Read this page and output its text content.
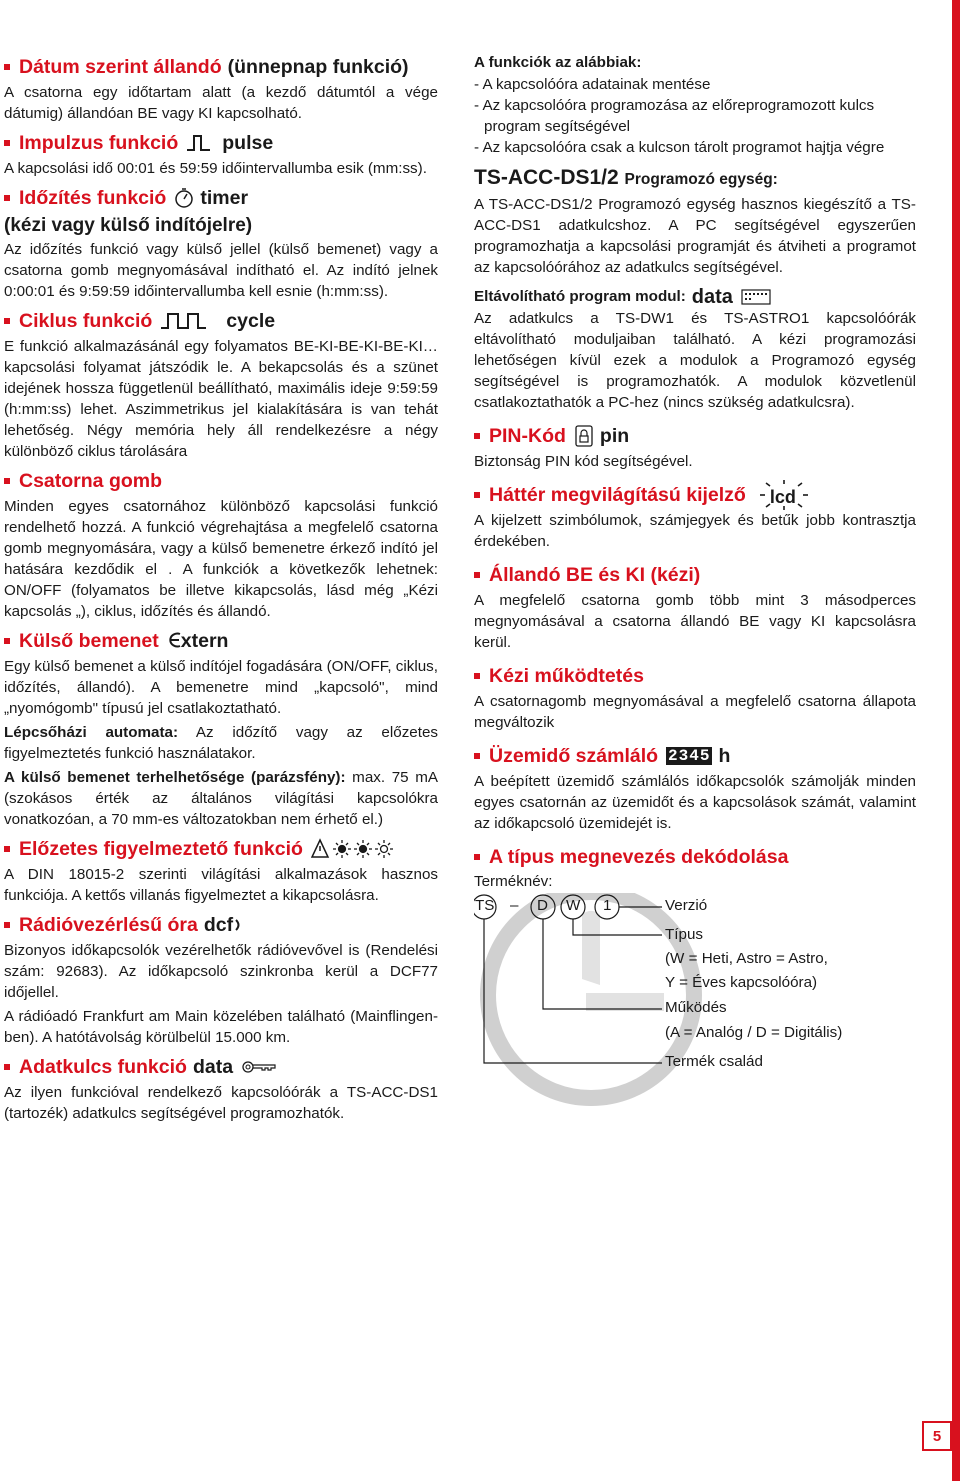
Dátum szerint állandó (ünnepnap funkció)

A csatorna egy időtartam alatt (a kezdő dátumtól a vége dátumig) állandóan BE vagy KI kapcsolható.

Impulzus funkció pulse

A kapcsolási idő 00:01 és 59:59 időintervallumba esik (mm:ss).

Időzítés funkció timer
(kézi vagy külső indítójelre)

Az időzítés funkció vagy külső jellel (külső bemenet) vagy a csatorna gomb megnyomásával indítható el. Az indító jelnek 0:00:01 és 9:59:59 időintervallumba kell esnie (h:mm:ss).

Ciklus funkció	cycle

E funkció alkalmazásánál egy folyamatos BE-KI-BE-KI-BE-KI… kapcsolási folyamat játszódik le. A bekapcsolás és a szünet idejének hossza függetlenül beállítható, maximális ideje 9:59:59 (h:mm:ss) lehet. Aszimmetrikus jel kialakítására is van tehát lehetőség. Négy memória hely áll rendelkezésre a négy különböző ciklus tárolására

Csatorna gomb

Minden egyes csatornához különböző kapcsolási funkció rendelhető hozzá. A funkció végrehajtása a megfelelő csatorna gomb megnyomására, vagy a külső bemenetre érkező indító jel hatására kezdődik el . A funkciók a következők lehetnek: ON/OFF (folyamatos be illetve kikapcsolás, lásd még „Kézi kapcsolás „), ciklus, időzítés és állandó.

Külső bemenet	xtern

Egy külső bemenet a külső indítójel fogadására (ON/OFF, ciklus, időzítés, állandó). A bemenetre mind „kapcsoló", mind „nyomógomb" típusú jel csatlakoztatható.

Lépcsőházi automata: Az időzítő vagy az előzetes figyelmeztetés funkció használatakor.

A külső bemenet terhelhetősége (parázsfény): max. 75 mA (szokásos érték az általános világítási kapcsolókra vonatkozóan, a 70 mm-es változatokban nem érhető el.)

Előzetes figyelmeztető funkció

A DIN 18015-2 szerinti világítási alkalmazások hasznos funkciója. A kettős villanás figyelmeztet a kikapcsolásra.

Rádióvezérlésű óra dcf

Bizonyos időkapcsolók vezérelhetők rádióvevővel is (Rendelési szám: 92683). Az időkapcsoló szinkronba kerül a DCF77 időjellel.

A rádióadó Frankfurt am Main közelében található (Mainflingen-ben). A hatótávolság körülbelül 15.000 km.

Adatkulcs funkció data

Az ilyen funkcióval rendelkező kapcsolóórák a TS-ACC-DS1 (tartozék) adatkulcs segítségével programozhatók.

A funkciók az alábbiak:
- A kapcsolóóra adatainak mentése
- Az kapcsolóóra programozása az előreprogramozott kulcs program segítségével
- Az kapcsolóóra csak a kulcson tárolt programot hajtja végre
TS-ACC-DS1/2 Programozó egység:

A TS-ACC-DS1/2 Programozó egység hasznos kiegészítő a TS-ACC-DS1 adatkulcshoz. A PC segítségével egyszerűen programozhatja a kapcsolási programját és átviheti a programot az kapcsolóórához az adatkulcs segítségével.

Eltávolítható program modul: data

Az adatkulcs a TS-DW1 és TS-ASTRO1 kapcsolóórák eltávolítható moduljaiban található. A kézi programozási lehetőségen kívül ezek a modulok a Programozó egység segítségével is programozhatók. A modulok közvetlenül csatlakoztathatók a PC-hez (nincs szükség adatkulcsra).

PIN-Kód pin

Biztonság PIN kód segítségével.

Háttér megvilágítású kijelző lcd

A kijelzett szimbólumok, számjegyek és betűk jobb kontrasztja érdekében.

Állandó BE és KI (kézi)

A megfelelő csatorna gomb több mint 3 másodperces megnyomásával a csatorna állandó BE vagy KI kapcsolásra kerül.

Kézi működtetés

A csatornagomb megnyomásával a megfelelő csatorna állapota megváltozik

Üzemidő számláló 2345 h

A beépített üzemidő számlálós időkapcsolók számolják minden egyes csatornán az üzemidőt és a kapcsolások számát, valamint az időkapcsoló üzemidejét is.

A típus megnevezés dekódolása
Terméknév:
TS – D W 1	Verzió
Típus
(W = Heti, Astro = Astro,
Y = Éves kapcsolóóra)
Működés
(A = Analóg / D = Digitális)
Termék család
5
